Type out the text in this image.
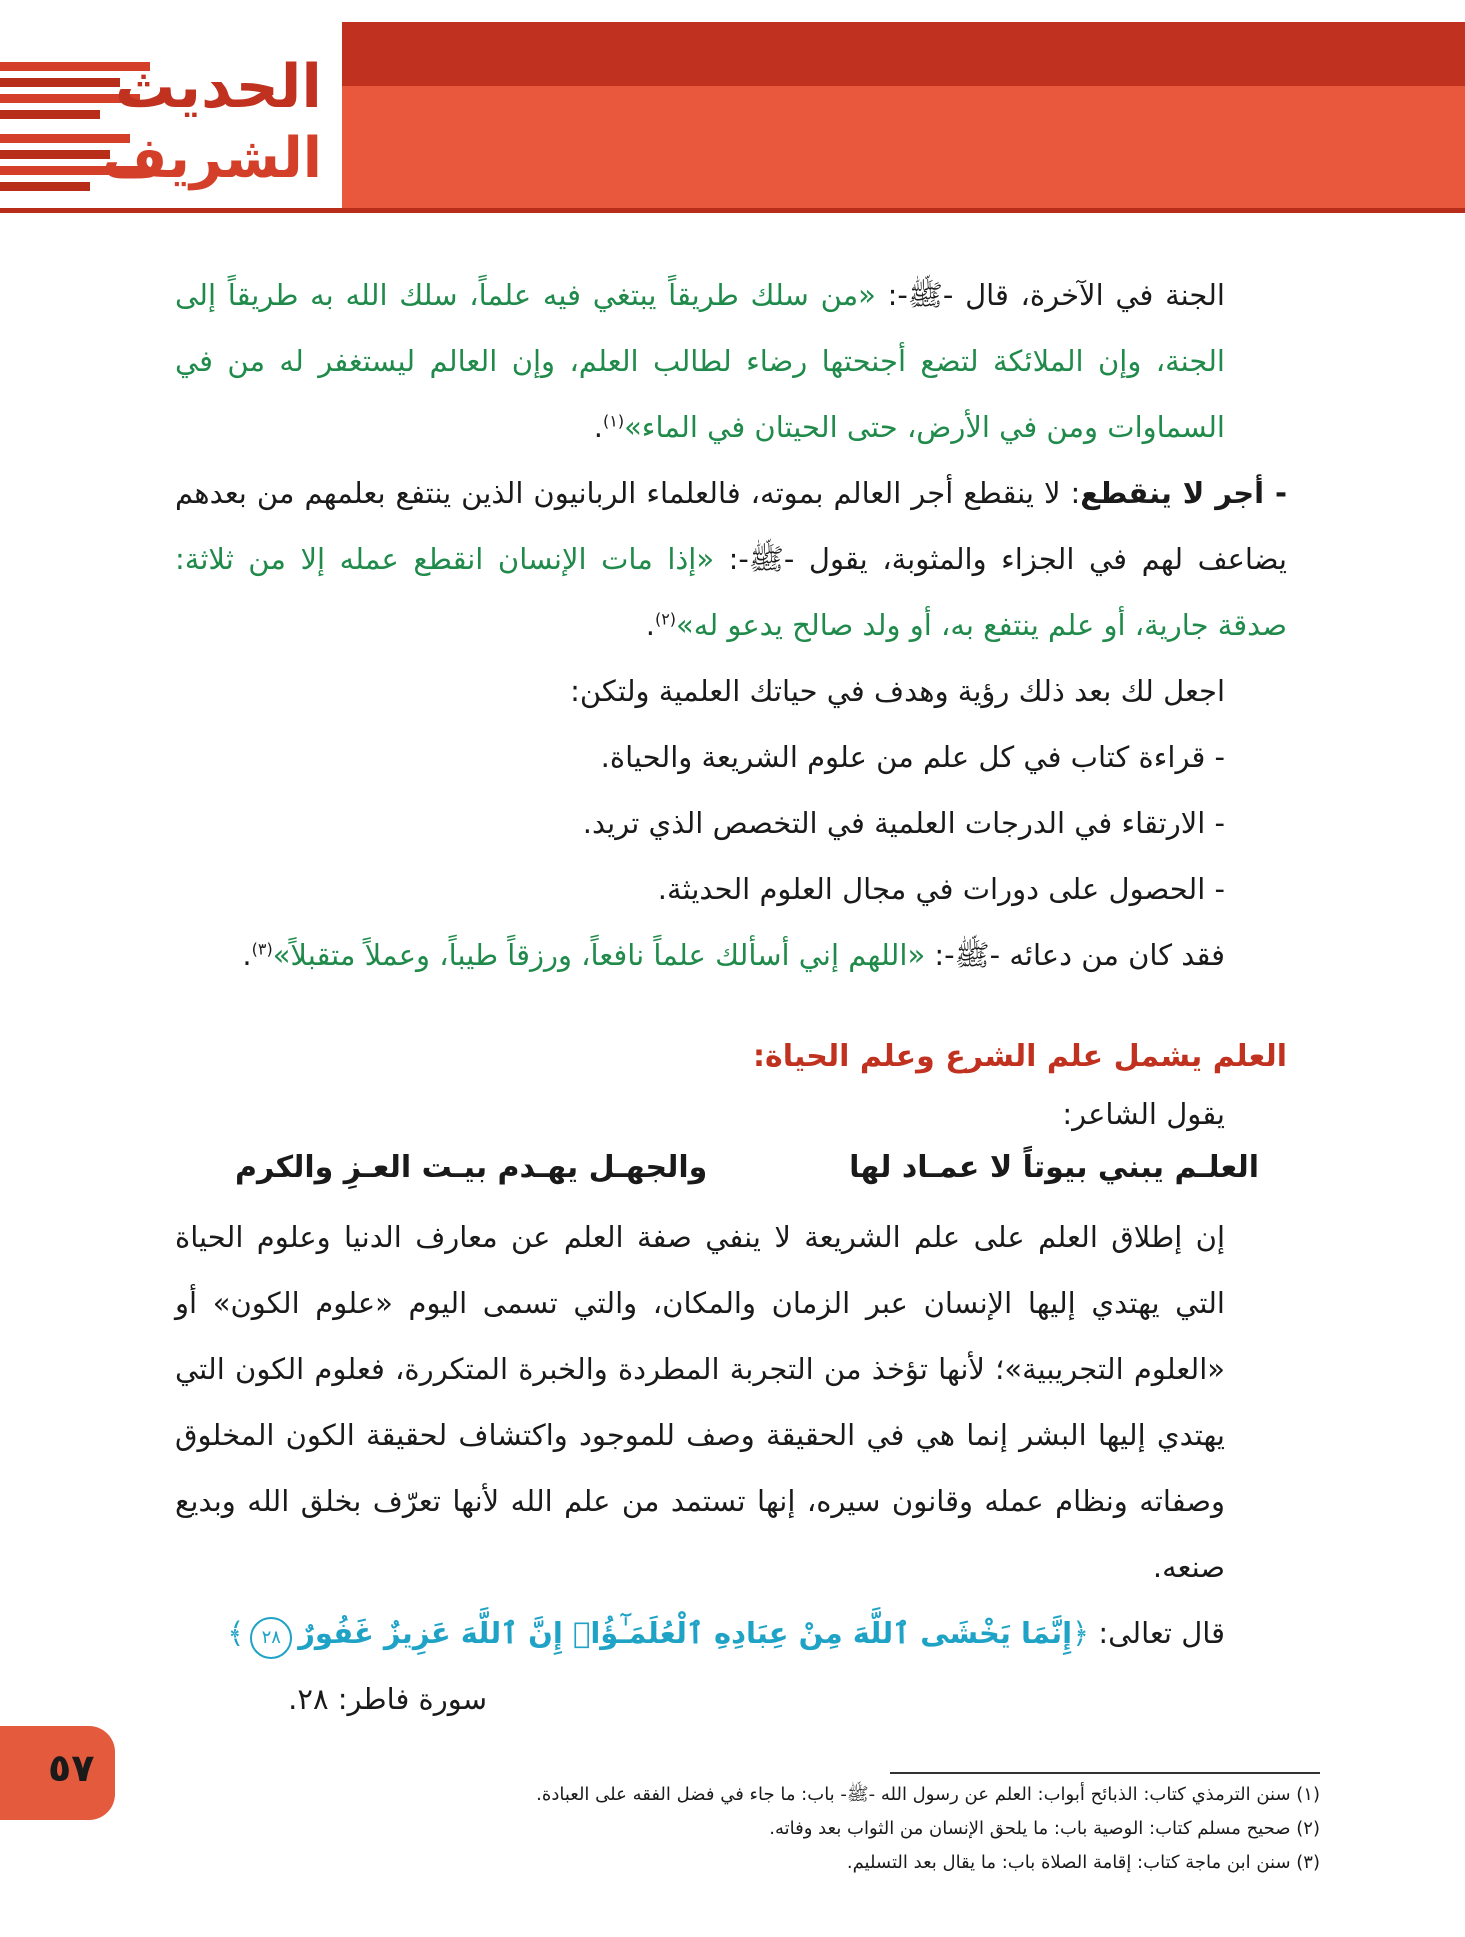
الحديث
الشريف

الجنة في الآخرة، قال -ﷺ-: «من سلك طريقاً يبتغي فيه علماً، سلك الله به طريقاً إلى الجنة، وإن الملائكة لتضع أجنحتها رضاء لطالب العلم، وإن العالم ليستغفر له من في السماوات ومن في الأرض، حتى الحيتان في الماء»$^{(١)}$.

- أجر لا ينقطع: لا ينقطع أجر العالم بموته، فالعلماء الربانيون الذين ينتفع بعلمهم من بعدهم يضاعف لهم في الجزاء والمثوبة، يقول -ﷺ-: «إذا مات الإنسان انقطع عمله إلا من ثلاثة: صدقة جارية، أو علم ينتفع به، أو ولد صالح يدعو له»$^{(٢)}$.

اجعل لك بعد ذلك رؤية وهدف في حياتك العلمية ولتكن:

- قراءة كتاب في كل علم من علوم الشريعة والحياة.

- الارتقاء في الدرجات العلمية في التخصص الذي تريد.

- الحصول على دورات في مجال العلوم الحديثة.

فقد كان من دعائه -ﷺ-: «اللهم إني أسألك علماً نافعاً، ورزقاً طيباً، وعملاً متقبلاً»$^{(٣)}$.

العلم يشمل علم الشرع وعلم الحياة:

يقول الشاعر:

العلـم يبني بيوتاً لا عمـاد لها
والجهـل يهـدم بيـت العـزِ والكرم

إن إطلاق العلم على علم الشريعة لا ينفي صفة العلم عن معارف الدنيا وعلوم الحياة التي يهتدي إليها الإنسان عبر الزمان والمكان، والتي تسمى اليوم «علوم الكون» أو «العلوم التجريبية»؛ لأنها تؤخذ من التجربة المطردة والخبرة المتكررة، فعلوم الكون التي يهتدي إليها البشر إنما هي في الحقيقة وصف للموجود واكتشاف لحقيقة الكون المخلوق وصفاته ونظام عمله وقانون سيره، إنها تستمد من علم الله لأنها تعرّف بخلق الله وبديع صنعه.

قال تعالى: ﴿إِنَّمَا يَخْشَى ٱللَّهَ مِنْ عِبَادِهِ ٱلْعُلَمَـٰٓؤُا۟ إِنَّ ٱللَّهَ عَزِيزٌ غَفُورٌ٢٨﴾

سورة فاطر: ٢٨.

٥٧

(١) سنن الترمذي كتاب: الذبائح أبواب: العلم عن رسول الله -ﷺ- باب: ما جاء في فضل الفقه على العبادة.

(٢) صحيح مسلم كتاب: الوصية باب: ما يلحق الإنسان من الثواب بعد وفاته.

(٣) سنن ابن ماجة كتاب: إقامة الصلاة باب: ما يقال بعد التسليم.
